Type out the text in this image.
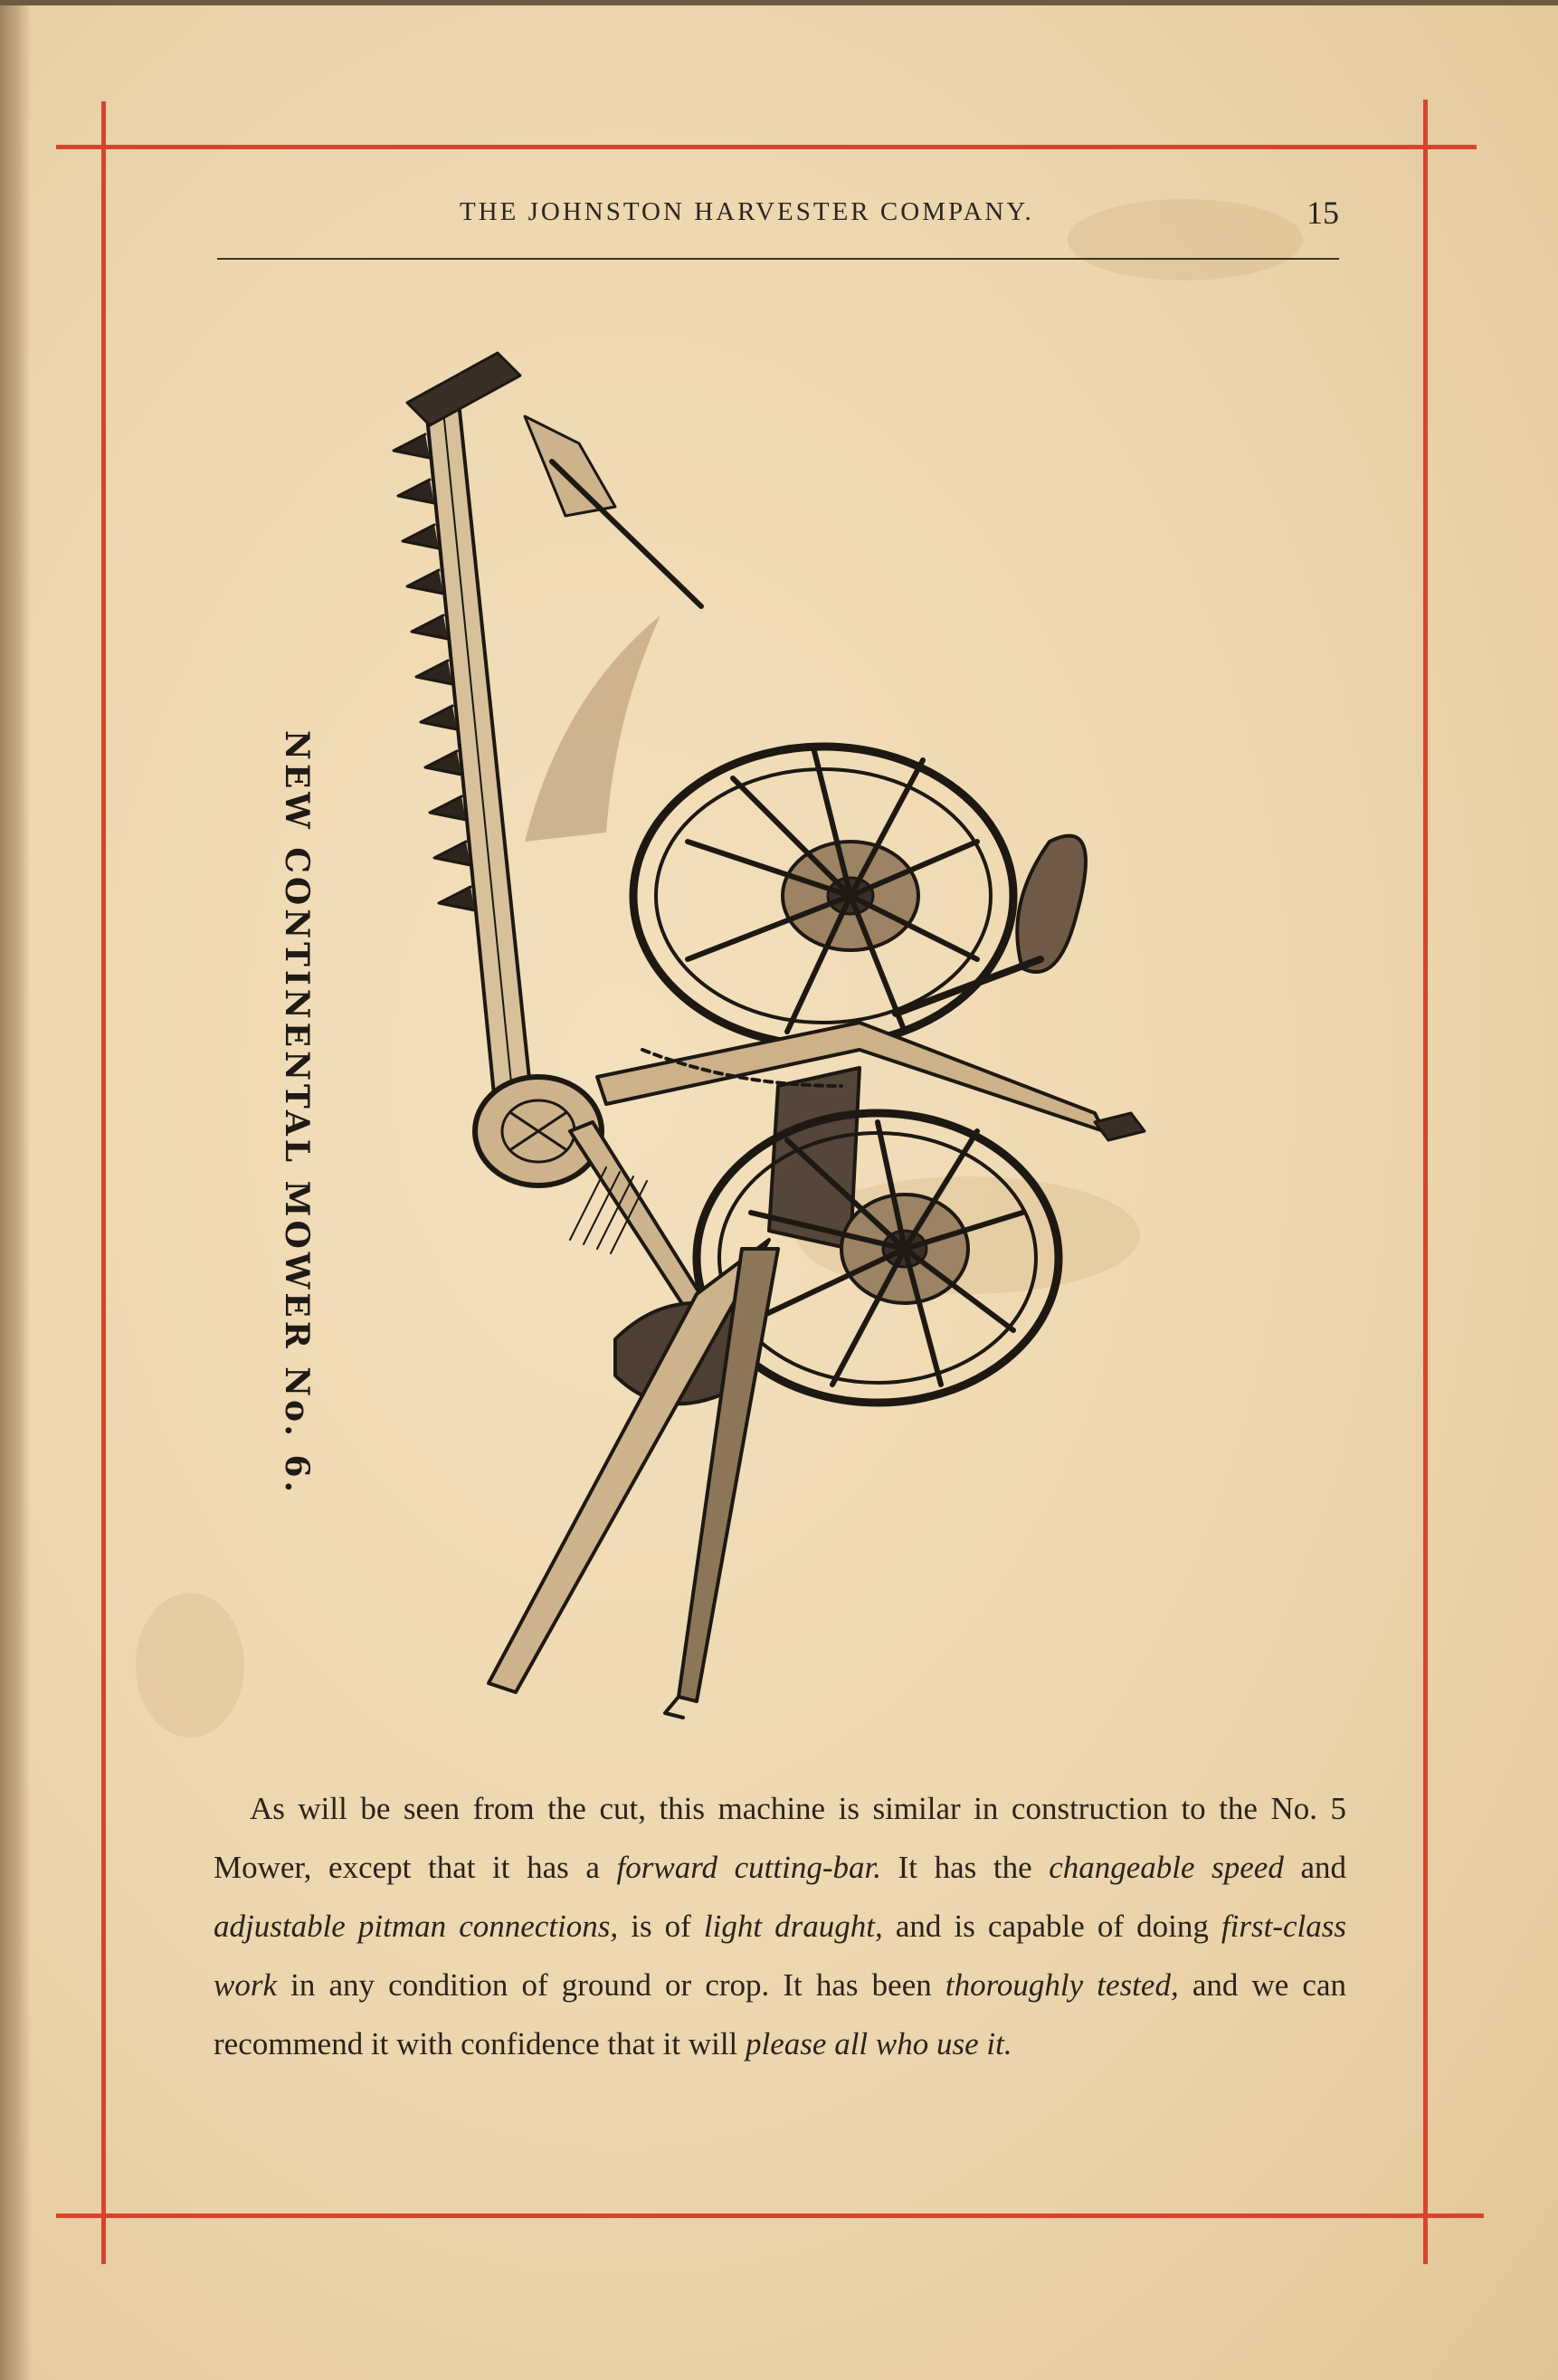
THE JOHNSTON HARVESTER COMPANY.	15
NEW CONTINENTAL MOWER No. 6.

As will be seen from the cut, this machine is similar in construction to the No. 5 Mower, except that it has a forward cutting-bar. It has the changeable speed and adjustable pitman connections, is of light draught, and is capable of doing first-class work in any condition of ground or crop. It has been thoroughly tested, and we can recommend it with confidence that it will please all who use it.
